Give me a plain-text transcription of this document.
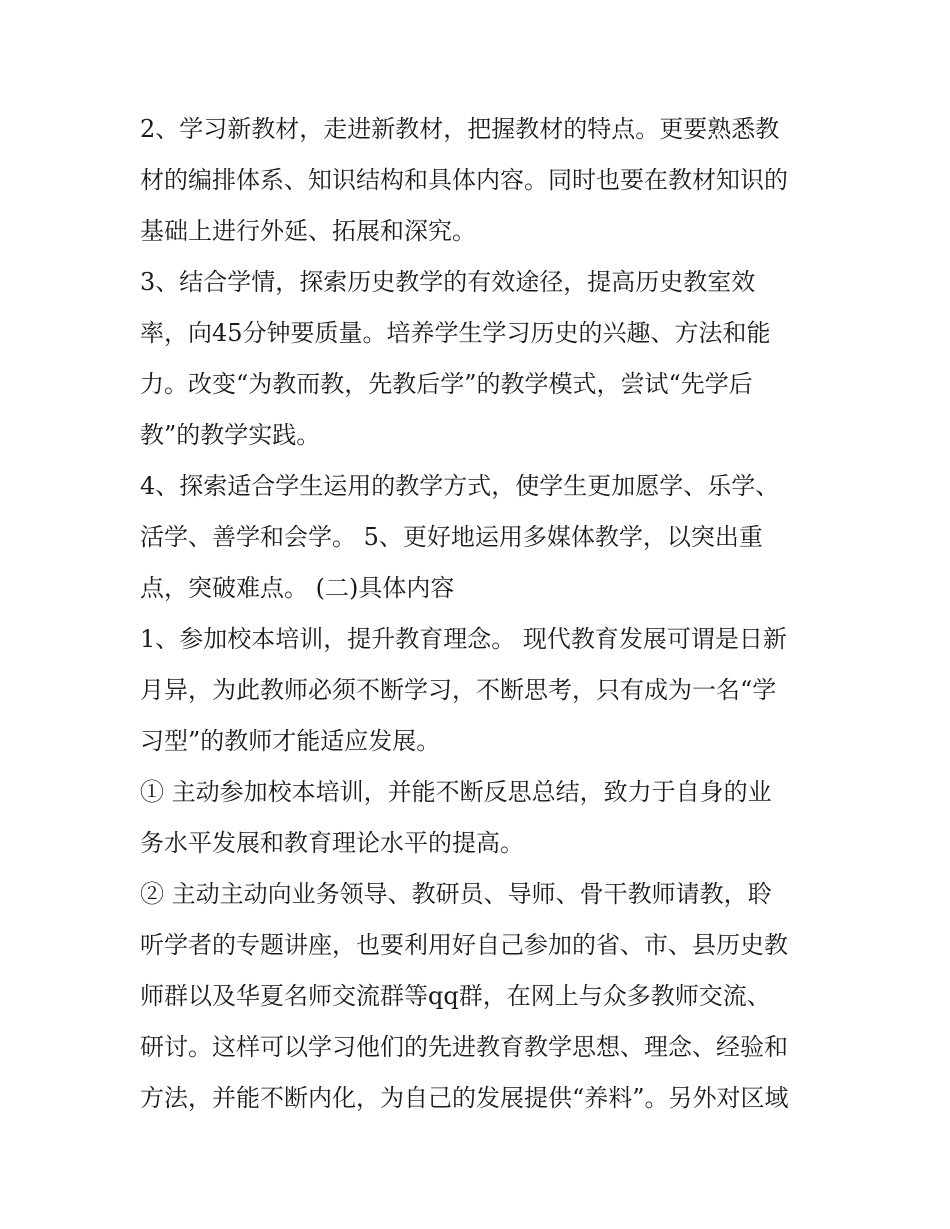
2、学习新教材，走进新教材，把握教材的特点。更要熟悉教
材的编排体系、知识结构和具体内容。同时也要在教材知识的
基础上进行外延、拓展和深究。
3、结合学情，探索历史教学的有效途径，提高历史教室效
率，向45分钟要质量。培养学生学习历史的兴趣、方法和能
力。改变“为教而教，先教后学”的教学模式，尝试“先学后
教”的教学实践。
4、探索适合学生运用的教学方式，使学生更加愿学、乐学、
活学、善学和会学。 5、更好地运用多媒体教学，以突出重
点，突破难点。 (二)具体内容
1、参加校本培训，提升教育理念。 现代教育发展可谓是日新
月异，为此教师必须不断学习，不断思考，只有成为一名“学
习型”的教师才能适应发展。
① 主动参加校本培训，并能不断反思总结，致力于自身的业
务水平发展和教育理论水平的提高。
② 主动主动向业务领导、教研员、导师、骨干教师请教，聆
听学者的专题讲座，也要利用好自己参加的省、市、县历史教
师群以及华夏名师交流群等qq群，在网上与众多教师交流、
研讨。这样可以学习他们的先进教育教学思想、理念、经验和
方法，并能不断内化，为自己的发展提供“养料”。另外对区域
